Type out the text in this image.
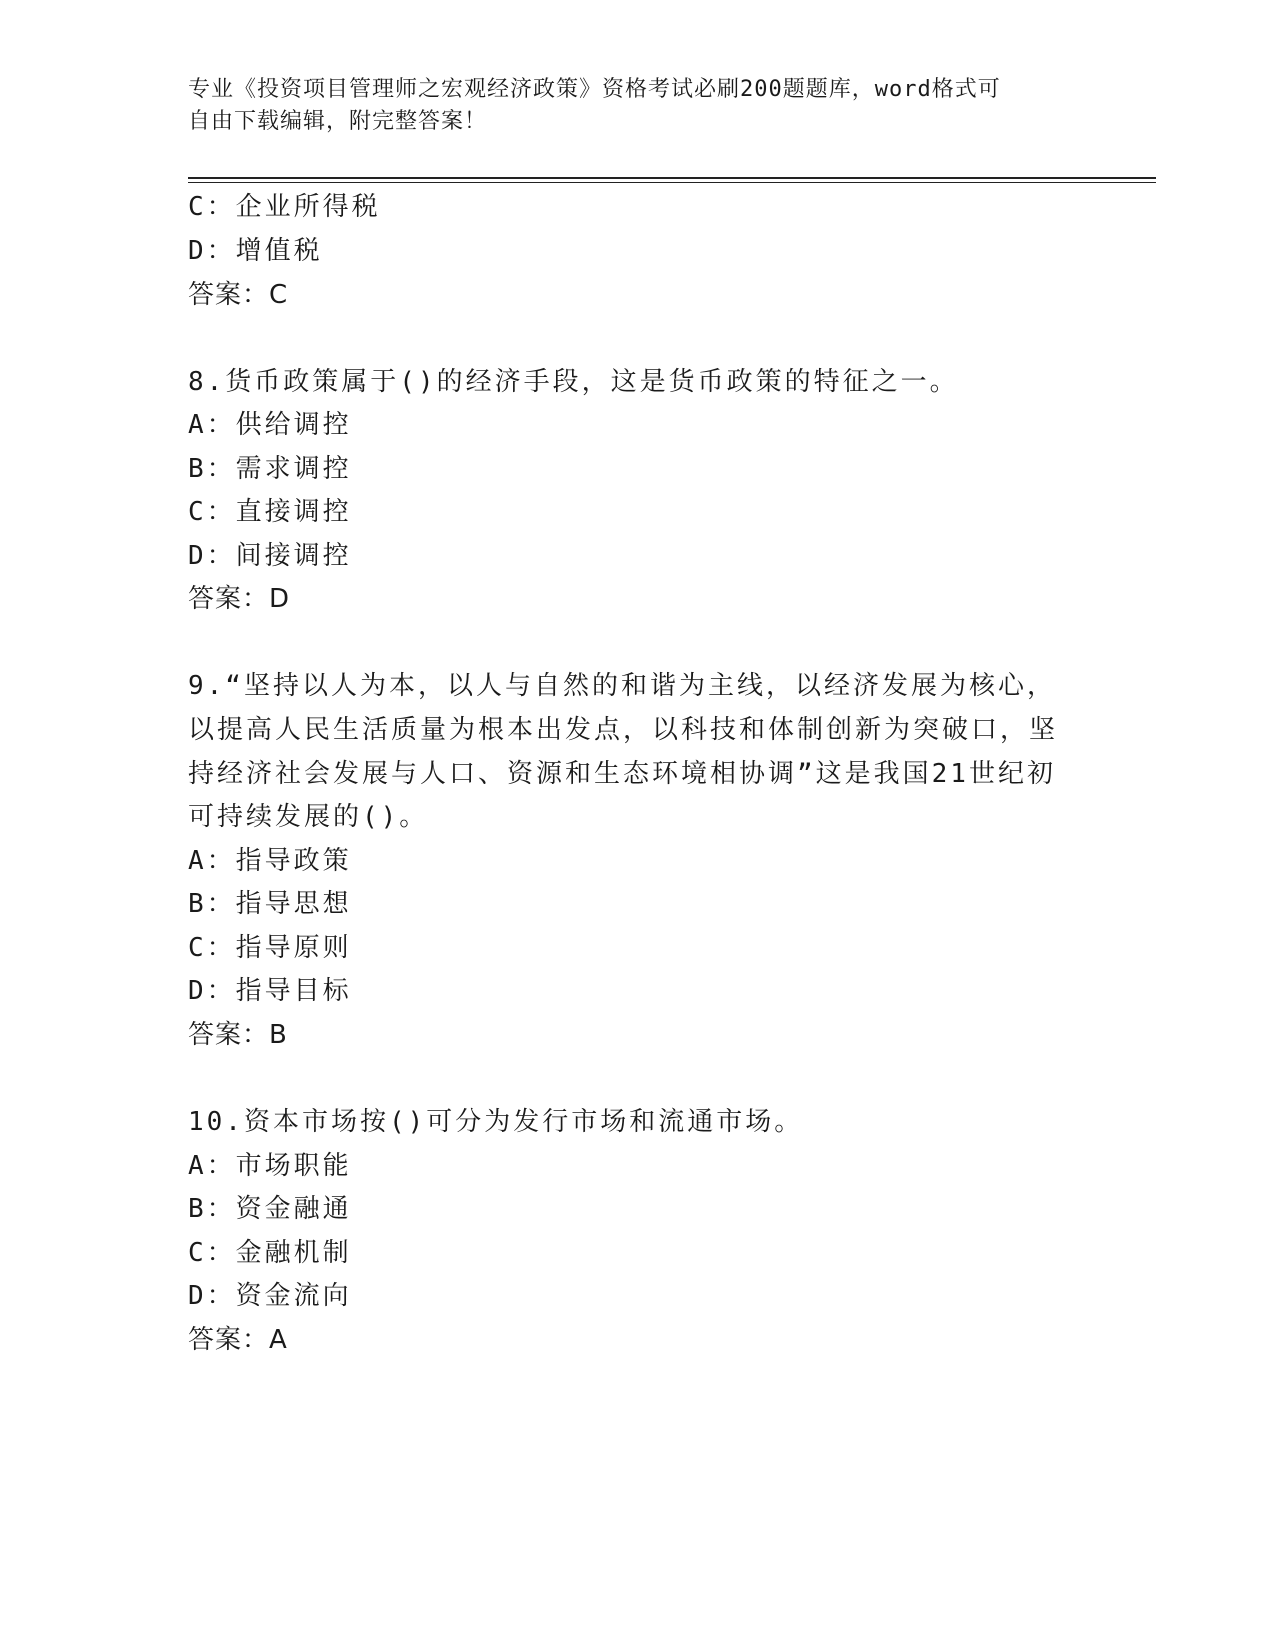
专业《投资项目管理师之宏观经济政策》资格考试必刷200题题库，word格式可
自由下载编辑，附完整答案！
C：企业所得税
D：增值税
答案：C
8.货币政策属于()的经济手段，这是货币政策的特征之一。
A：供给调控
B：需求调控
C：直接调控
D：间接调控
答案：D
9.“坚持以人为本，以人与自然的和谐为主线，以经济发展为核心，
以提高人民生活质量为根本出发点，以科技和体制创新为突破口，坚
持经济社会发展与人口、资源和生态环境相协调”这是我国21世纪初
可持续发展的()。
A：指导政策
B：指导思想
C：指导原则
D：指导目标
答案：B
10.资本市场按()可分为发行市场和流通市场。
A：市场职能
B：资金融通
C：金融机制
D：资金流向
答案：A
